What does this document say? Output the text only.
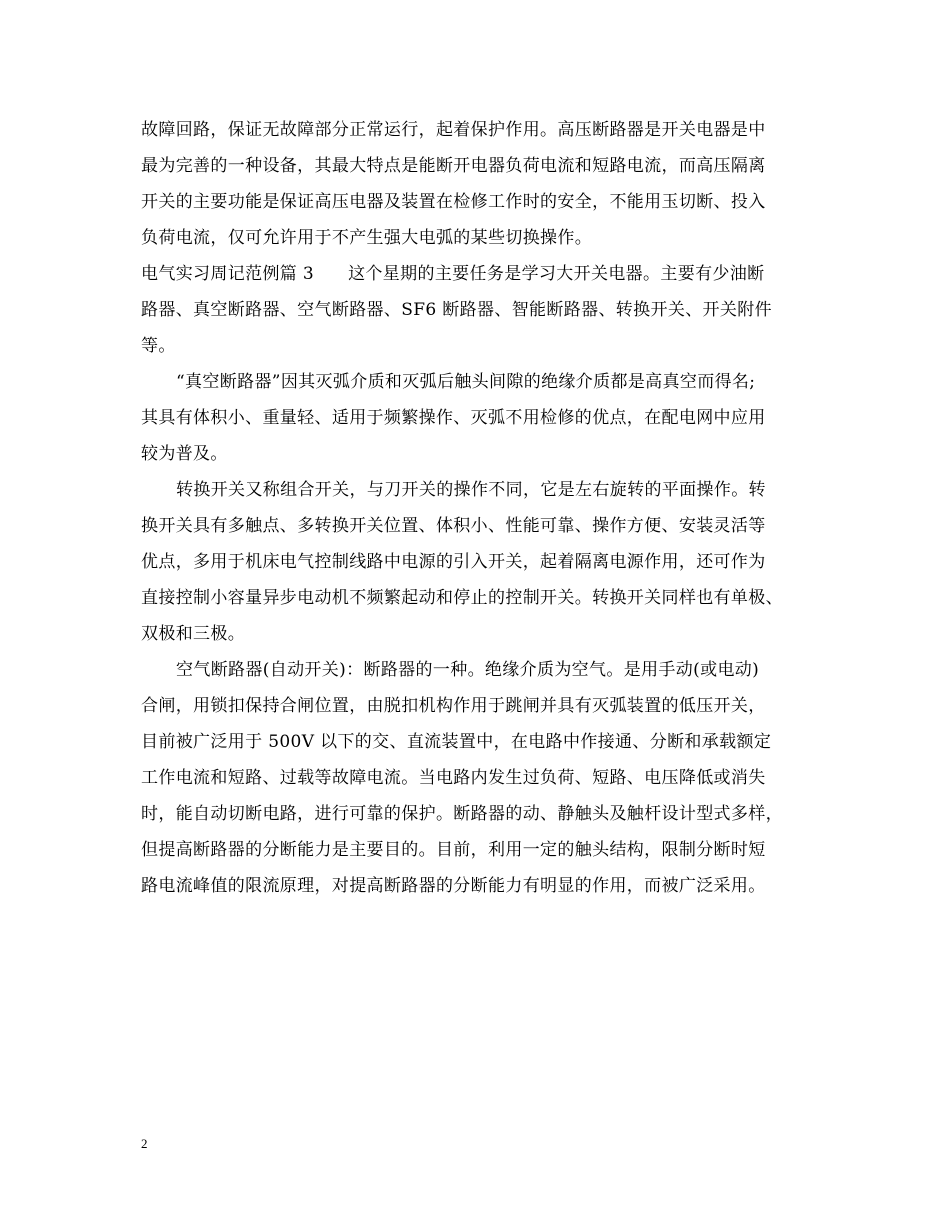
故障回路，保证无故障部分正常运行，起着保护作用。高压断路器是开关电器是中
最为完善的一种设备，其最大特点是能断开电器负荷电流和短路电流，而高压隔离
开关的主要功能是保证高压电器及装置在检修工作时的安全，不能用玉切断、投入
负荷电流，仅可允许用于不产生强大电弧的某些切换操作。
电气实习周记范例篇 3 这个星期的主要任务是学习大开关电器。主要有少油断
路器、真空断路器、空气断路器、SF6 断路器、智能断路器、转换开关、开关附件
等。
“真空断路器”因其灭弧介质和灭弧后触头间隙的绝缘介质都是高真空而得名;
其具有体积小、重量轻、适用于频繁操作、灭弧不用检修的优点，在配电网中应用
较为普及。
转换开关又称组合开关，与刀开关的操作不同，它是左右旋转的平面操作。转
换开关具有多触点、多转换开关位置、体积小、性能可靠、操作方便、安装灵活等
优点，多用于机床电气控制线路中电源的引入开关，起着隔离电源作用，还可作为
直接控制小容量异步电动机不频繁起动和停止的控制开关。转换开关同样也有单极、
双极和三极。
空气断路器(自动开关)：断路器的一种。绝缘介质为空气。是用手动(或电动)
合闸，用锁扣保持合闸位置，由脱扣机构作用于跳闸并具有灭弧装置的低压开关，
目前被广泛用于 500V 以下的交、直流装置中，在电路中作接通、分断和承载额定
工作电流和短路、过载等故障电流。当电路内发生过负荷、短路、电压降低或消失
时，能自动切断电路，进行可靠的保护。断路器的动、静触头及触杆设计型式多样，
但提高断路器的分断能力是主要目的。目前，利用一定的触头结构，限制分断时短
路电流峰值的限流原理，对提高断路器的分断能力有明显的作用，而被广泛采用。
2
